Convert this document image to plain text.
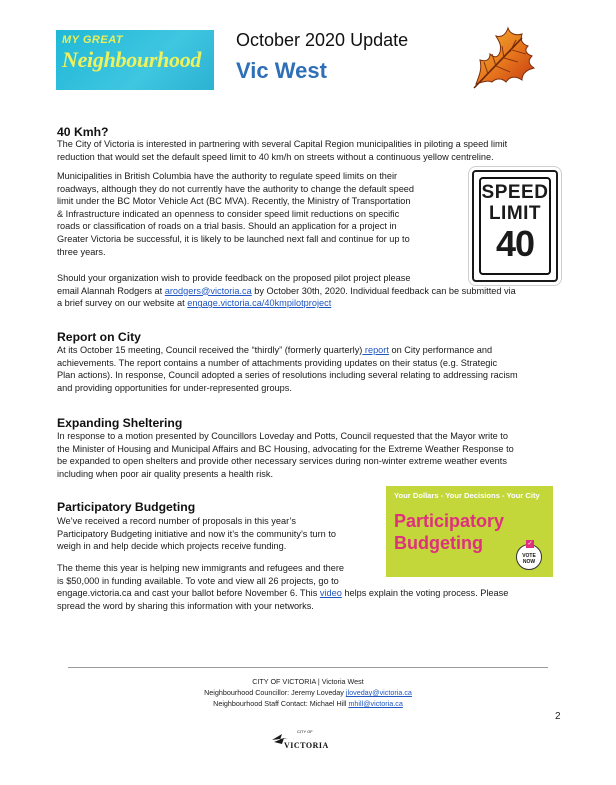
MY GREAT
Neighbourhood
October 2020 Update
Vic West
40 Kmh?
The City of Victoria is interested in partnering with several Capital Region municipalities in piloting a speed limit
reduction that would set the default speed limit to 40 km/h on streets without a continuous yellow centreline.
Municipalities in British Columbia have the authority to regulate speed limits on their
roadways, although they do not currently have the authority to change the default speed
limit under the BC Motor Vehicle Act (BC MVA). Recently, the Ministry of Transportation
& Infrastructure indicated an openness to consider speed limit reductions on specific
roads or classification of roads on a trial basis. Should an application for a project in
Greater Victoria be successful, it is likely to be launched next fall and continue for up to
three years.
SPEED
LIMIT
40
Should your organization wish to provide feedback on the proposed pilot project please
email Alannah Rodgers at arodgers@victoria.ca by October 30th, 2020. Individual feedback can be submitted via
a brief survey on our website at engage.victoria.ca/40kmpilotproject
Report on City
At its October 15 meeting, Council received the “thirdly” (formerly quarterly) report on City performance and
achievements. The report contains a number of attachments providing updates on their status (e.g. Strategic
Plan actions). In response, Council adopted a series of resolutions including several relating to addressing racism
and providing opportunities for under-represented groups.
Expanding Sheltering
In response to a motion presented by Councillors Loveday and Potts, Council requested that the Mayor write to
the Minister of Housing and Municipal Affairs and BC Housing, advocating for the Extreme Weather Response to
be expanded to open shelters and provide other necessary services during non-winter extreme weather events
including when poor air quality presents a health risk.
Participatory Budgeting
We’ve received a record number of proposals in this year’s
Participatory Budgeting initiative and now it’s the community’s turn to
weigh in and help decide which projects receive funding.
The theme this year is helping new immigrants and refugees and there
is $50,000 in funding available. To vote and view all 26 projects, go to
engage.victoria.ca and cast your ballot before November 6. This video helps explain the voting process. Please
spread the word by sharing this information with your networks.
Your Dollars - Your Decisions - Your City
Participatory
Budgeting	✓
VOTE
NOW
CITY OF VICTORIA | Victoria West
Neighbourhood Councillor: Jeremy Loveday jloveday@victoria.ca
Neighbourhood Staff Contact: Michael Hill mhill@victoria.ca
2
CITY OF
VICTORIA
